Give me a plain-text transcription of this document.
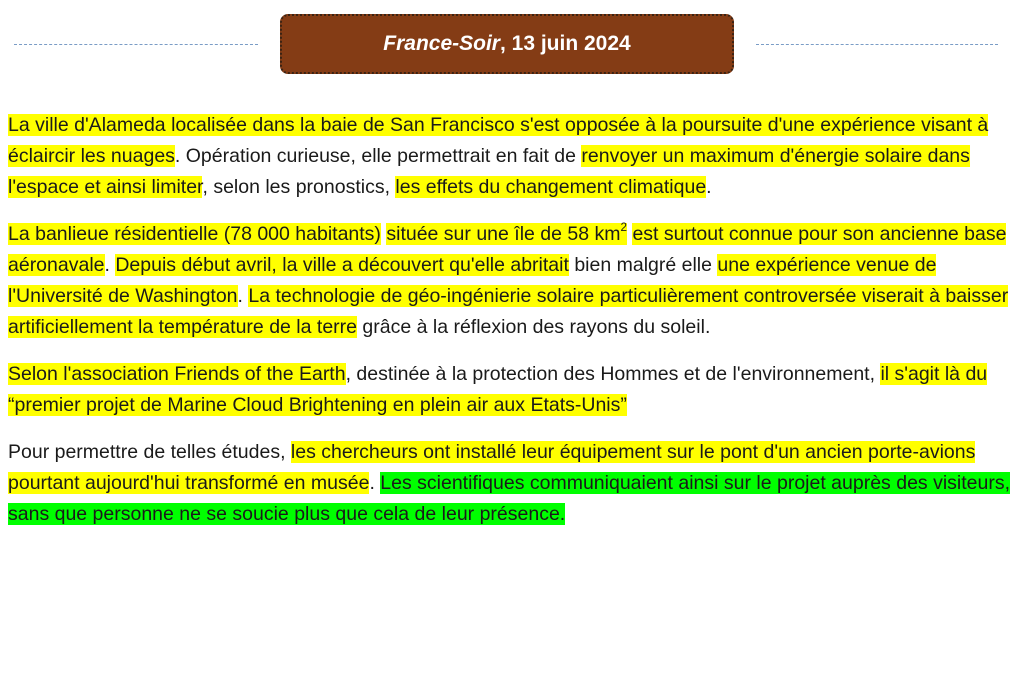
France-Soir , 13 juin 2024

La ville d'Alameda localisée dans la baie de San Francisco s'est opposée à la poursuite d'une expérience visant à éclaircir les nuages. Opération curieuse, elle permettrait en fait de renvoyer un maximum d'énergie solaire dans l'espace et ainsi limiter, selon les pronostics, les effets du changement climatique.

La banlieue résidentielle (78 000 habitants) située sur une île de 58 $km^2$ est surtout connue pour son ancienne base aéronavale. Depuis début avril, la ville a découvert qu'elle abritait bien malgré elle une expérience venue de l'Université de Washington. La technologie de géo-ingénierie solaire particulièrement controversée viserait à baisser artificiellement la température de la terre grâce à la réflexion des rayons du soleil.

Selon l'association Friends of the Earth, destinée à la protection des Hommes et de l'environnement, il s'agit là du “premier projet de Marine Cloud Brightening en plein air aux Etats-Unis”

Pour permettre de telles études, les chercheurs ont installé leur équipement sur le pont d'un ancien porte-avions pourtant aujourd'hui transformé en musée. Les scientifiques communiquaient ainsi sur le projet auprès des visiteurs, sans que personne ne se soucie plus que cela de leur présence.
